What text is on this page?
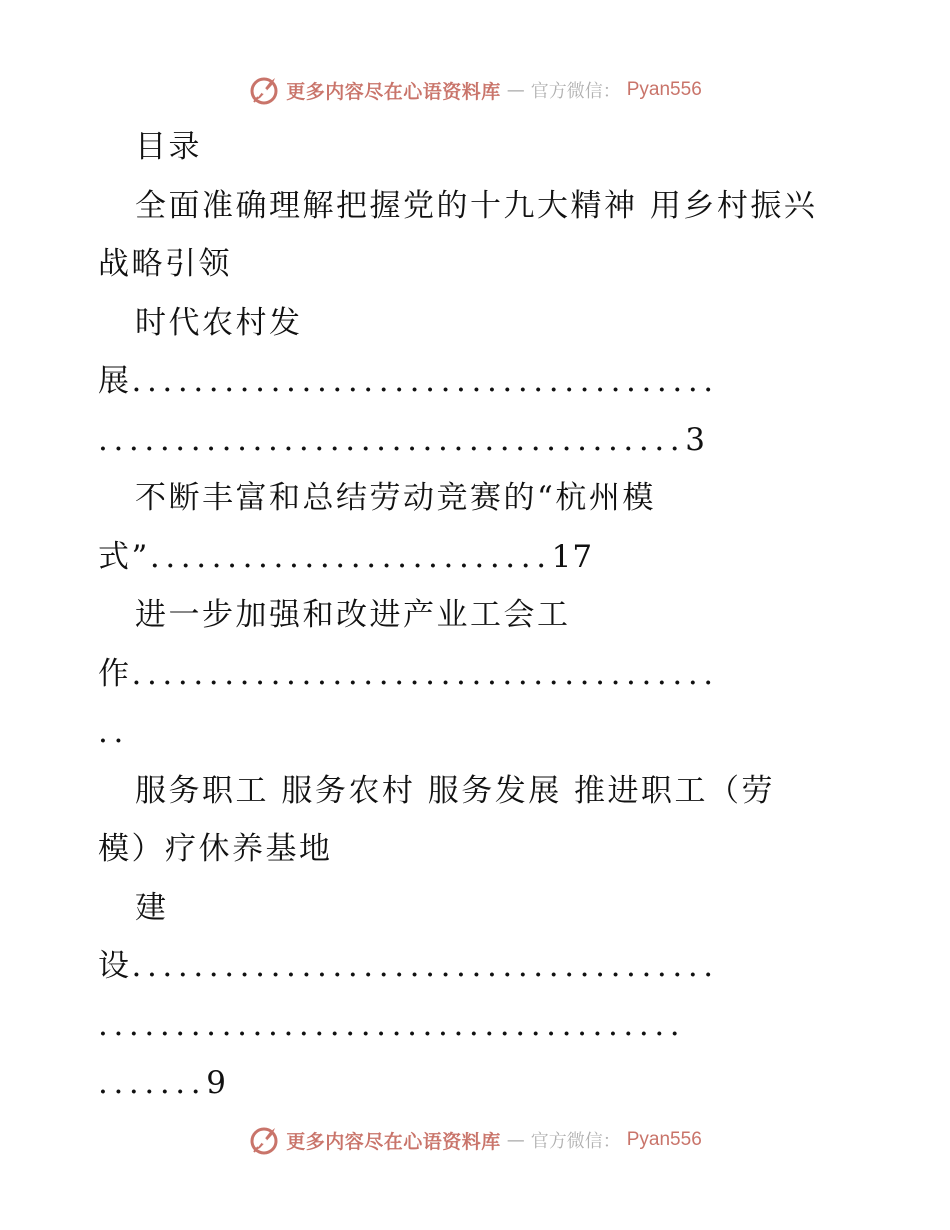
更多内容尽在心语资料库 — 官方微信： Pyan556
目录
全面准确理解把握党的十九大精神 用乡村振兴
战略引领
时代农村发
展......................................
......................................3
不断丰富和总结劳动竞赛的“杭州模
式”..........................17
进一步加强和改进产业工会工
作......................................
..
服务职工 服务农村 服务发展 推进职工（劳
模）疗休养基地
建
设......................................
......................................
.......9
更多内容尽在心语资料库 — 官方微信： Pyan556
